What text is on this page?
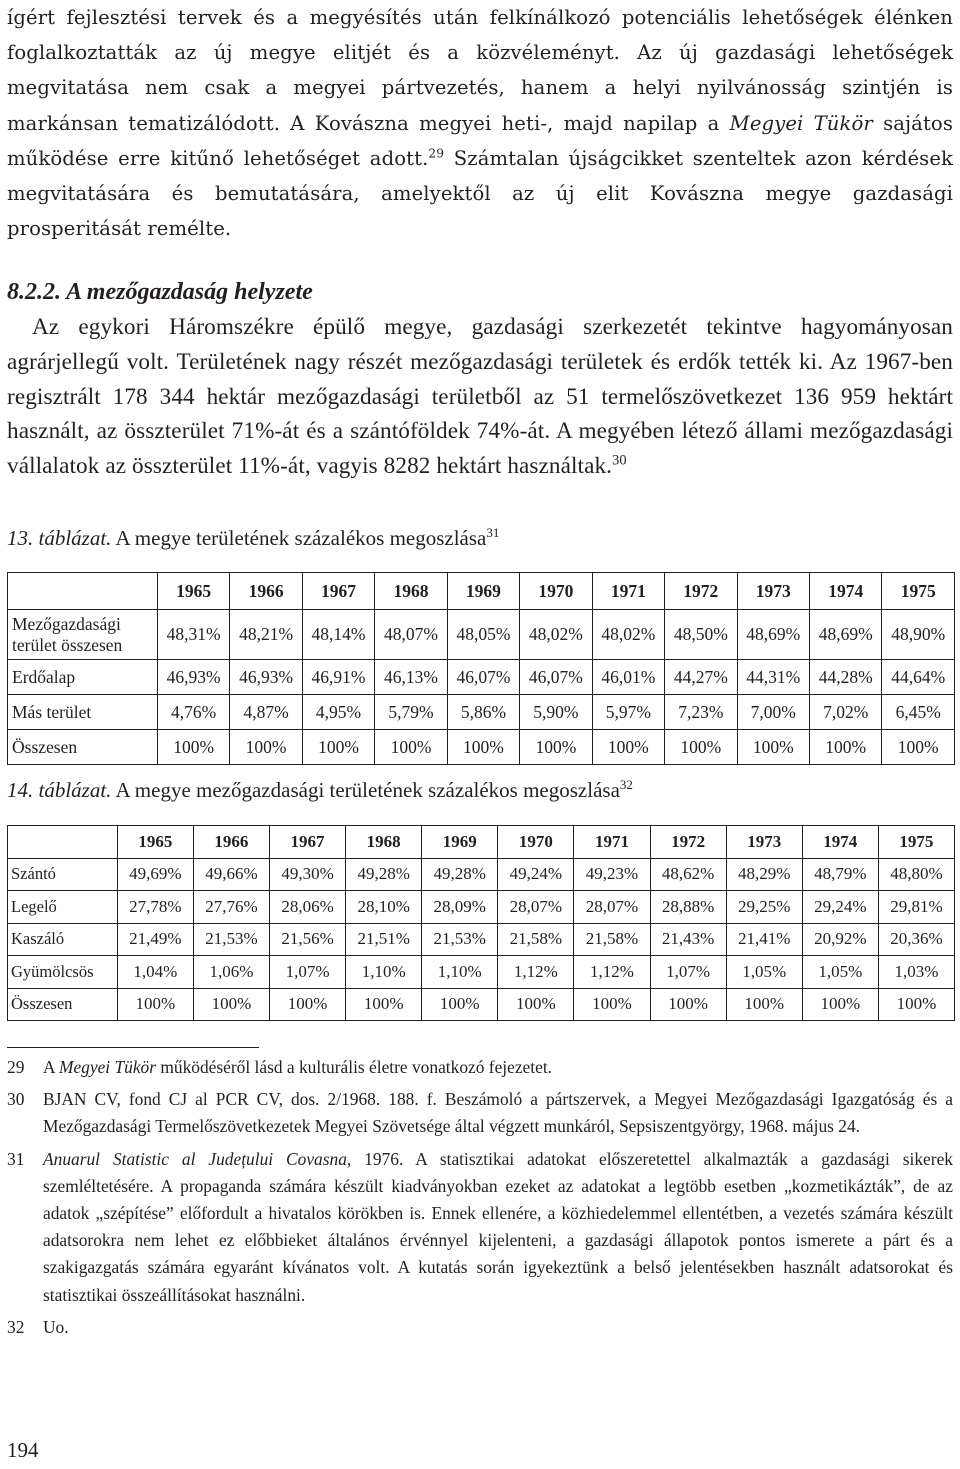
ígért fejlesztési tervek és a megyésítés után felkínálkozó potenciális lehetőségek élénken foglalkoztatták az új megye elitjét és a közvéleményt. Az új gazdasági lehetőségek megvitatása nem csak a megyei pártvezetés, hanem a helyi nyilvánosság szintjén is markánsan tematizálódott. A Kovászna megyei heti-, majd napilap a Megyei Tükör sajátos működése erre kitűnő lehetőséget adott.$^{29}$ Számtalan újságcikket szenteltek azon kérdések megvitatására és bemutatására, amelyektől az új elit Kovászna megye gazdasági prosperitását remélte.

8.2.2. A mezőgazdaság helyzete

Az egykori Háromszékre épülő megye, gazdasági szerkezetét tekintve hagyományosan agrárjellegű volt. Területének nagy részét mezőgazdasági területek és erdők tették ki. Az 1967-ben regisztrált 178 344 hektár mezőgazdasági területből az 51 termelőszövetkezet 136 959 hektárt használt, az összterület 71%-át és a szántóföldek 74%-át. A megyében létező állami mezőgazdasági vállalatok az összterület 11%-át, vagyis 8282 hektárt használtak.$^{30}$

13. táblázat. A megye területének százalékos megoszlása$^{31}$
	1965	1966	1967	1968	1969	1970	1971	1972	1973	1974	1975
Mezőgazdasági
terület összesen	48,31%	48,21%	48,14%	48,07%	48,05%	48,02%	48,02%	48,50%	48,69%	48,69%	48,90%
Erdőalap	46,93%	46,93%	46,91%	46,13%	46,07%	46,07%	46,01%	44,27%	44,31%	44,28%	44,64%
Más terület	4,76%	4,87%	4,95%	5,79%	5,86%	5,90%	5,97%	7,23%	7,00%	7,02%	6,45%
Összesen	100%	100%	100%	100%	100%	100%	100%	100%	100%	100%	100%
14. táblázat. A megye mezőgazdasági területének százalékos megoszlása$^{32}$
	1965	1966	1967	1968	1969	1970	1971	1972	1973	1974	1975
Szántó	49,69%	49,66%	49,30%	49,28%	49,28%	49,24%	49,23%	48,62%	48,29%	48,79%	48,80%
Legelő	27,78%	27,76%	28,06%	28,10%	28,09%	28,07%	28,07%	28,88%	29,25%	29,24%	29,81%
Kaszáló	21,49%	21,53%	21,56%	21,51%	21,53%	21,58%	21,58%	21,43%	21,41%	20,92%	20,36%
Gyümölcsös	1,04%	1,06%	1,07%	1,10%	1,10%	1,12%	1,12%	1,07%	1,05%	1,05%	1,03%
Összesen	100%	100%	100%	100%	100%	100%	100%	100%	100%	100%	100%
29 A Megyei Tükör működéséről lásd a kulturális életre vonatkozó fejezetet.
30 BJAN CV, fond CJ al PCR CV, dos. 2/1968. 188. f. Beszámoló a pártszervek, a Megyei Mezőgazdasági Igazgatóság és a Mezőgazdasági Termelőszövetkezetek Megyei Szövetsége által végzett munkáról, Sepsiszentgyörgy, 1968. május 24.
31 Anuarul Statistic al Județului Covasna, 1976. A statisztikai adatokat előszeretettel alkalmazták a gazdasági sikerek szemléltetésére. A propaganda számára készült kiadványokban ezeket az adatokat a legtöbb esetben „kozmetikázták”, de az adatok „szépítése” előfordult a hivatalos körökben is. Ennek ellenére, a közhiedelemmel ellentétben, a vezetés számára készült adatsorokra nem lehet ez előbbieket általános érvénnyel kijelenteni, a gazdasági állapotok pontos ismerete a párt és a szakigazgatás számára egyaránt kívánatos volt. A kutatás során igyekeztünk a belső jelentésekben használt adatsorokat és statisztikai összeállításokat használni.
32 Uo.
194
